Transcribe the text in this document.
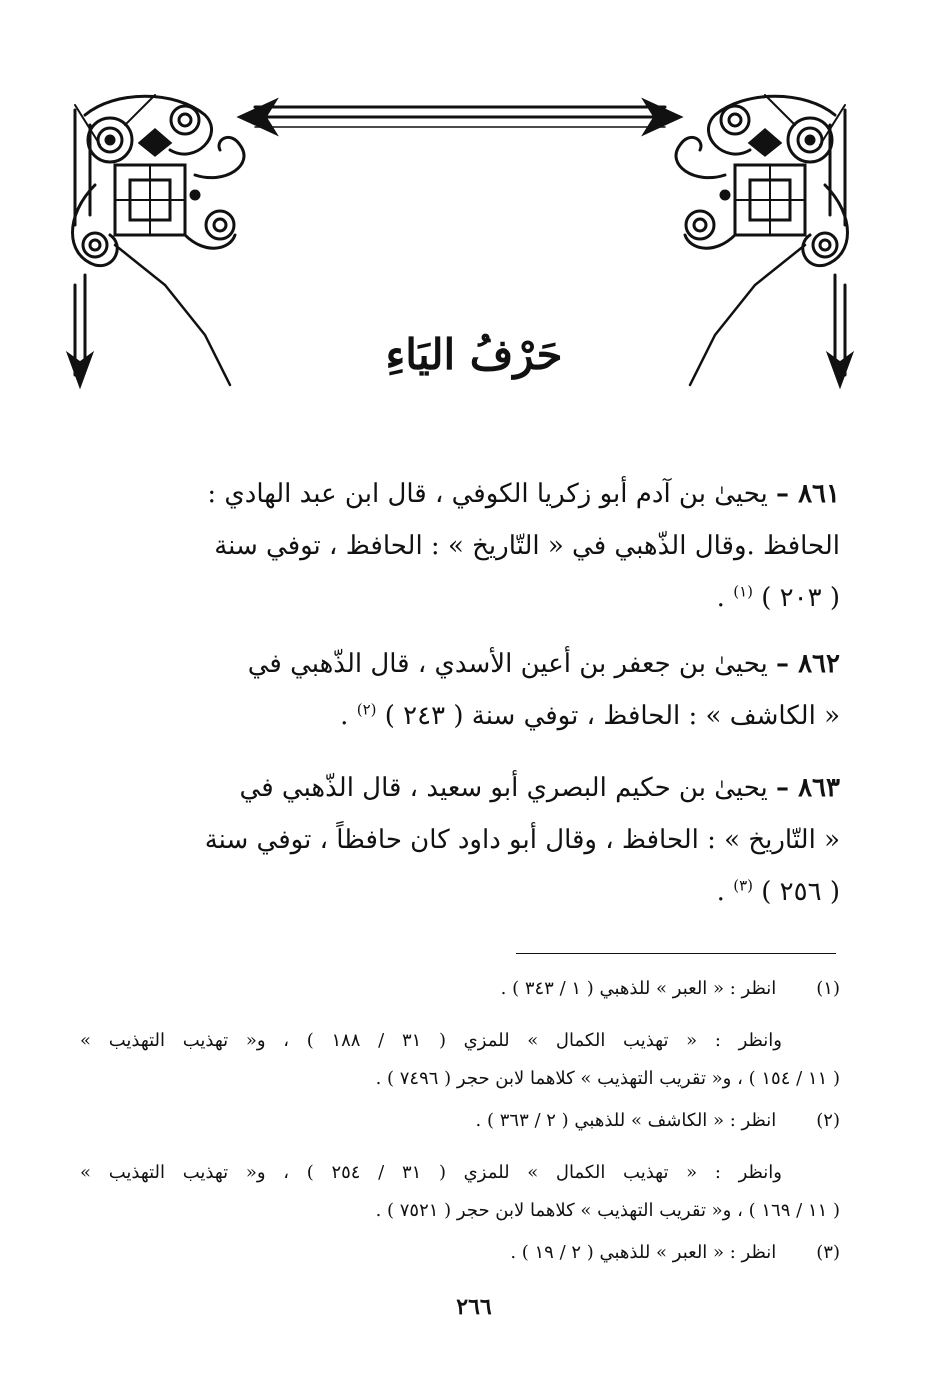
حَرْفُ اليَاءِ
٨٦١ – يحيىٰ بن آدم أبو زكريا الكوفي ، قال ابن عبد الهادي :
الحافظ .وقال الذّهبي في « التّاريخ » : الحافظ ، توفي سنة
( ٢٠٣ ) $^{(١)}$ .
٨٦٢ – يحيىٰ بن جعفر بن أعين الأسدي ، قال الذّهبي في
« الكاشف » : الحافظ ، توفي سنة ( ٢٤٣ ) $^{(٢)}$ .
٨٦٣ – يحيىٰ بن حكيم البصري أبو سعيد ، قال الذّهبي في
« التّاريخ » : الحافظ ، وقال أبو داود كان حافظاً ، توفي سنة
( ٢٥٦ ) $^{(٣)}$ .
(١) انظر : « العبر » للذهبي ( ١ / ٣٤٣ ) .
وانظر : « تهذيب الكمال » للمزي ( ٣١ / ١٨٨ ) ، و« تهذيب التهذيب »
( ١١ / ١٥٤ ) ، و« تقريب التهذيب » كلاهما لابن حجر ( ٧٤٩٦ ) .
(٢) انظر : « الكاشف » للذهبي ( ٢ / ٣٦٣ ) .
وانظر : « تهذيب الكمال » للمزي ( ٣١ / ٢٥٤ ) ، و« تهذيب التهذيب »
( ١١ / ١٦٩ ) ، و« تقريب التهذيب » كلاهما لابن حجر ( ٧٥٢١ ) .
(٣) انظر : « العبر » للذهبي ( ٢ / ١٩ ) .
٢٦٦
